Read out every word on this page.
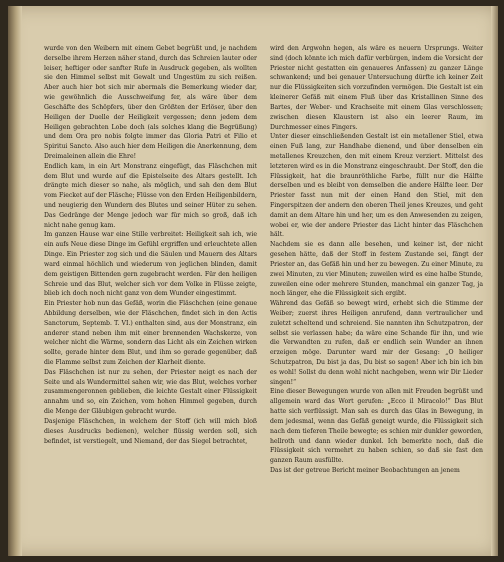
wurde von den Weibern mit einem Gebet begrüßt und, je nachdem derselbe ihrem Herzen näher stand, durch das Schreien lauter oder leiser, heftiger oder sanfter Rufe in Ausdruck gegeben, als wollten sie den Himmel selbst mit Gewalt und Ungestüm zu sich reißen. Aber auch hier bot sich mir abermals die Bemerkung wieder dar, wie gewöhnlich die Ausschweifung fer, als wäre über dem Geschäfte des Schöpfers, über den Größten der Erlöser, über den Heiligen der Duelle der Heiligkeit vergessen; denn jedem dem Heiligen gebrachten Lobe doch (als solches klang die Begrüßung) und dem Ora pro nobis folgte immer das Gloria Patri et Filio et Spiritui Sancto. Also auch hier dem Heiligen die Anerkennung, dem Dreimaleinen allein die Ehre!

Endlich kam, in ein Art Monstranz eingefügt, das Fläschchen mit dem Blut und wurde auf die Epistelseite des Altars gestellt. Ich drängte mich dieser so nahe, als möglich, und sah den dem Blut vom Fiecket auf der Fläsche; Flüsse von den Erden Heiligenbildern, und neugierig den Wundern des Blutes und seiner Hüter zu sehen. Das Gedränge der Menge jedoch war für mich so groß, daß ich nicht nahe genug kam.

Im ganzen Hause war eine Stille verbreitet: Heiligkeit sah ich, wie ein aufs Neue diese Dinge im Gefühl ergriffen und erleuchtete allen Dinge. Ein Priester zog sich und die Säulen und Mauern des Altars ward einmal höchlich und wiederum von jeglichen blinden, damit dem geistigen Bittenden gern zugebracht werden. Für den heiligen Schreie und das Blut, welcher sich vor dem Volke in Flüsse zeigte, blieb ich doch noch nicht ganz von dem Wunder eingestimmt.

Ein Priester hob nun das Gefäß, worin die Fläschchen (eine genaue Abbildung derselben, wie der Fläschchen, findet sich in den Actis Sanctorum, Septemb. T. VI.) enthalten sind, aus der Monstranz, ein anderer stand neben ihm mit einer brennenden Wachskerze, von welcher nicht die Wärme, sondern das Licht als ein Zeichen wirken sollte, gerade hinter dem Blut, und ihm so gerade gegenüber, daß die Flamme selbst zum Zeichen der Klarheit diente.

Das Fläschchen ist nur zu sehen, der Priester neigt es nach der Seite und als Wundermittel sahen wir, wie das Blut, welches vorher zusammengeronnen geblieben, die leichte Gestalt einer Flüssigkeit annahm und so, ein Zeichen, vom hohen Himmel gegeben, durch die Menge der Gläubigen gebracht wurde.

Dasjenige Fläschchen, in welchem der Stoff (ich will mich bloß dieses Ausdrucks bedienen), welcher flüssig werden soll, sich befindet, ist verstiegelt, und Niemand, der das Siegel betrachtet,

wird den Argwohn hegen, als wäre es neuern Ursprungs. Weiter sind (doch könnte ich mich dafür verbürgen, indem die Vorsicht der Priester nicht gestatten ein genaueres Anfassen) zu ganzer Länge schwankend; und bei genauer Untersuchung dürfte ich keiner Zeit nur die Flüssigkeiten sich vorzufinden vermögen. Die Gestalt ist ein kleinerer Gefäß mit einem Fluß über das Kristallinen Sinne des Bartes, der Weber- und Krachseite mit einem Glas verschlossen; zwischen diesen Klaustern ist also ein leerer Raum, im Durchmesser eines Fingers.

Unter dieser einschließenden Gestalt ist ein metallener Stiel, etwa einen Fuß lang, zur Handhabe dienend, und über denselben ein metallenes Kreuzchen, den mit einem Kreuz verziert. Mittelst des letzteren wird es in die Monstranz eingeschraubt. Der Stoff, den die Flüssigkeit, hat die braunröthliche Farbe, füllt nur die Hälfte derselben und es bleibt von demselben die andere Hälfte leer. Der Priester fasst nun mit der einen Hand den Stiel, mit den Fingerspitzen der andern den oberen Theil jenes Kreuzes, und geht damit an dem Altare hin und her, um es den Anwesenden zu zeigen, wobei er, wie der andere Priester das Licht hinter das Fläschchen hält.

Nachdem sie es dann alle besehen, und keiner ist, der nicht gesehen hätte, daß der Stoff in festem Zustande sei, fängt der Priester an, das Gefäß hin und her zu bewegen. Zu einer Minute, zu zwei Minuten, zu vier Minuten; zuweilen wird es eine halbe Stunde, zuweilen eine oder mehrere Stunden, manchmal ein ganzer Tag, ja noch länger, ehe die Flüssigkeit sich ergibt.

Während das Gefäß so bewegt wird, erhebt sich die Stimme der Weiber; zuerst ihres Heiligen anrufend, dann vertraulicher und zuletzt scheltend und schreiend. Sie nannten ihn Schutzpatron, der selbst sie verlassen habe; da wäre eine Schande für ihn, und wie die Verwandten zu rufen, daß er endlich sein Wunder an ihnen erzeigen möge. Darunter ward mir der Gesang: „O heiliger Schutzpatron, Du bist ja das, Du bist so sagen! Aber ich bin ich bin es wohl! Sollst du denn wohl nicht nachgeben, wenn wir Dir Lieder singen!“

Eine dieser Bewegungen wurde von allen mit Freuden begrüßt und allgemein ward das Wort gerufen: „Ecco il Miracolo!“ Das Blut hatte sich verflüssigt. Man sah es durch das Glas in Bewegung, in dem jedesmal, wenn das Gefäß geneigt wurde, die Flüssigkeit sich nach dem tieferen Theile bewegte; es schien mir dunkler geworden, hellroth und dann wieder dunkel. Ich bemerkte noch, daß die Flüssigkeit sich vermehrt zu haben schien, so daß sie fast den ganzen Raum ausfüllte.

Das ist der getreue Bericht meiner Beobachtungen an jenem
